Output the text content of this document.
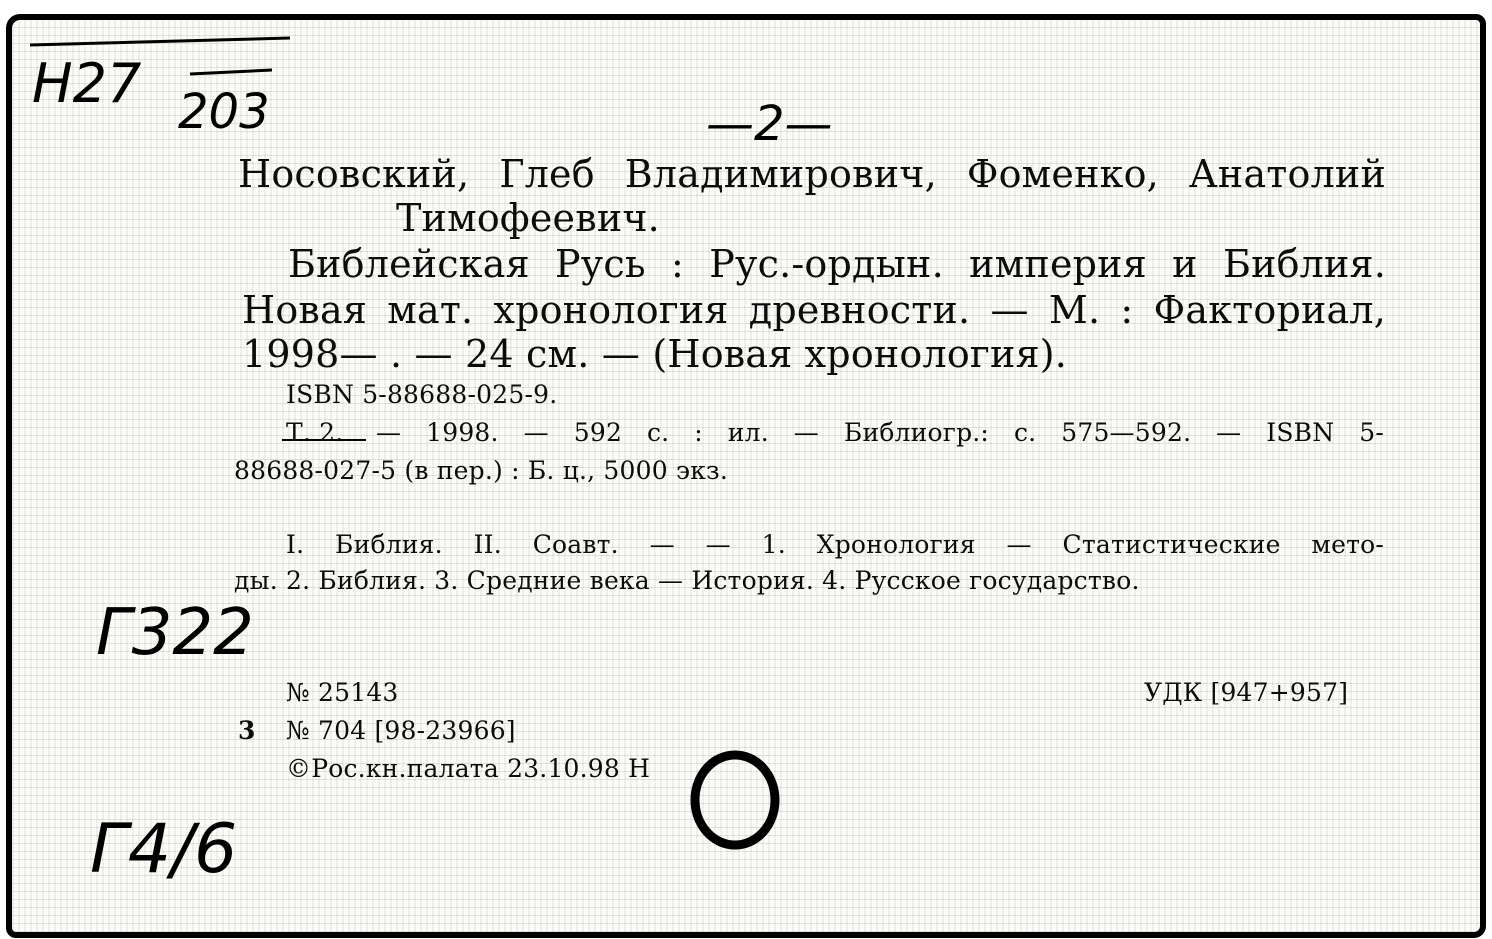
Н27 203	—2—
Носовский, Глеб Владимирович, Фоменко, Анатолий
Тимофеевич.
Библейская Русь : Рус.-ордын. империя и Библия.
Новая мат. хронология древности. — М. : Факториал,
1998— . — 24 см. — (Новая хронология).
ISBN 5-88688-025-9.
Т. 2. — 1998. — 592 с. : ил. — Библиогр.: с. 575—592. — ISBN 5-
88688-027-5 (в пер.) : Б. ц., 5000 экз.
I. Библия. II. Соавт. — — 1. Хронология — Статистические мето-
ды. 2. Библия. 3. Средние века — История. 4. Русское государство.
Г322
№ 25143	УДК [947+957]
3 № 704 [98-23966]
©Рос.кн.палата 23.10.98 Н
Г4/6
